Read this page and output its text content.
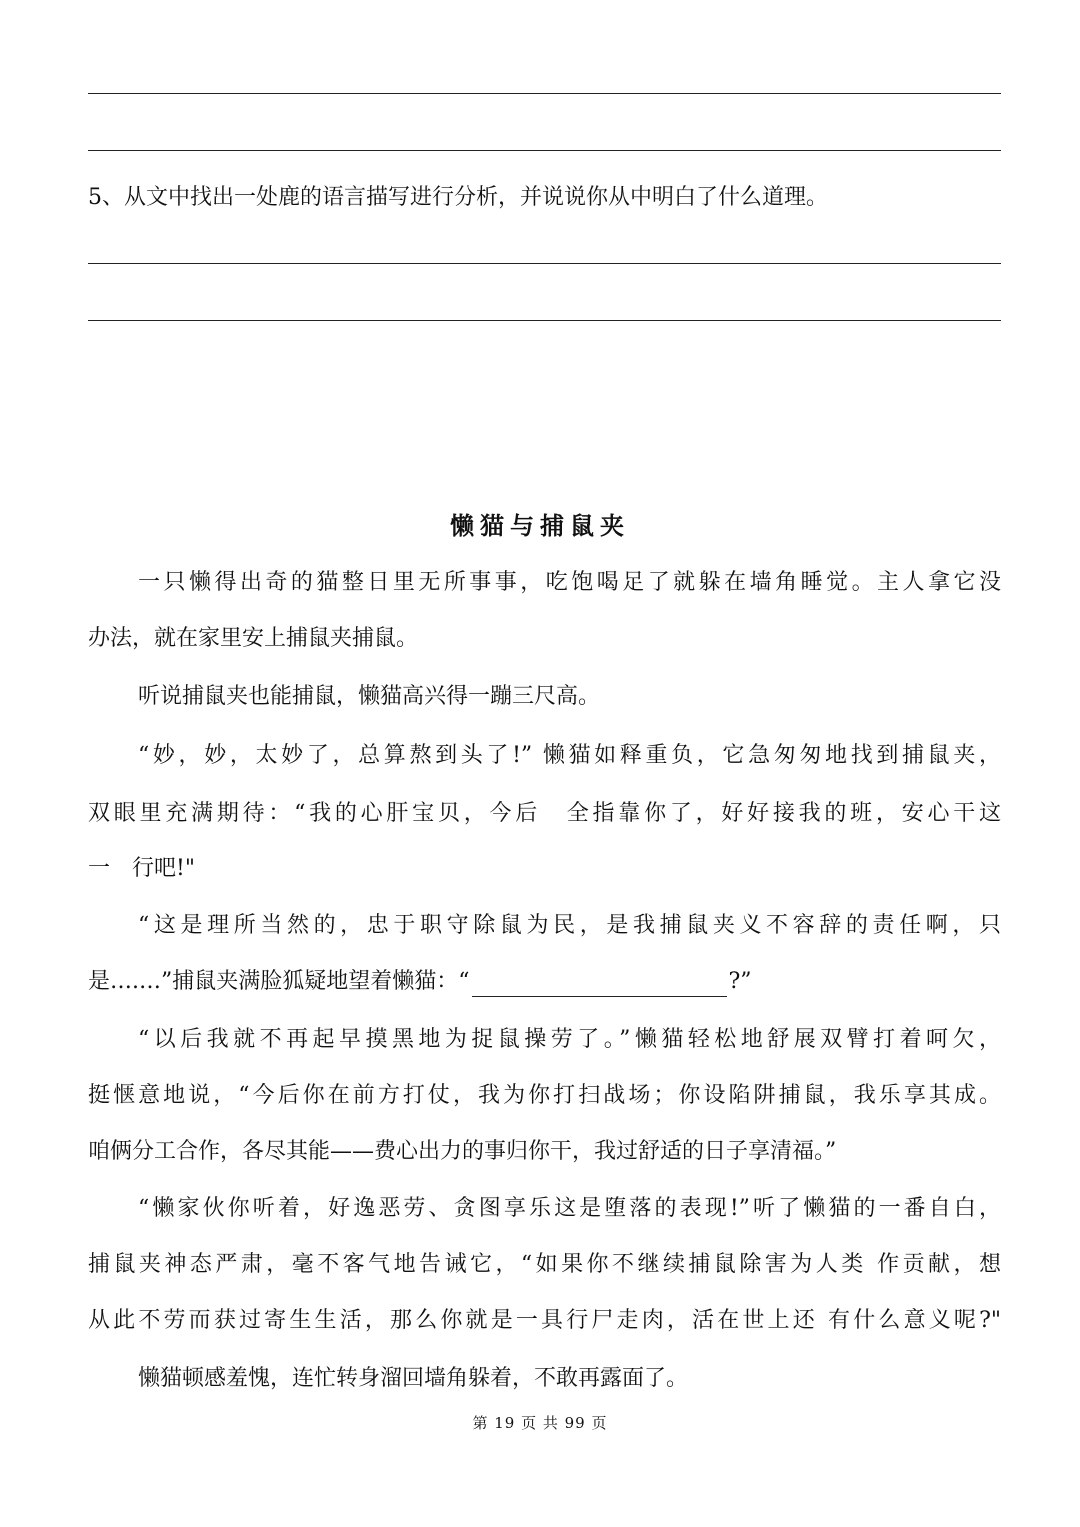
5、从文中找出一处鹿的语言描写进行分析，并说说你从中明白了什么道理。
懒猫与捕鼠夹
一只懒得出奇的猫整日里无所事事，吃饱喝足了就躲在墙角睡觉。主人拿它没
办法，就在家里安上捕鼠夹捕鼠。
听说捕鼠夹也能捕鼠，懒猫高兴得一蹦三尺高。
“妙，妙，太妙了，总算熬到头了!” 懒猫如释重负，它急匆匆地找到捕鼠夹，
双眼里充满期待：“我的心肝宝贝，今后　全指靠你了，好好接我的班，安心干这
一　行吧!"
“这是理所当然的，忠于职守除鼠为民，是我捕鼠夹义不容辞的责任啊，只
是….…”捕鼠夹满脸狐疑地望着懒猫：“	?”
“以后我就不再起早摸黑地为捉鼠操劳了。”懒猫轻松地舒展双臂打着呵欠，
挺惬意地说，“今后你在前方打仗，我为你打扫战场；你设陷阱捕鼠，我乐享其成。
咱俩分工合作，各尽其能——费心出力的事归你干，我过舒适的日子享清福。”
“懒家伙你听着，好逸恶劳、贪图享乐这是堕落的表现!”听了懒猫的一番自白，
捕鼠夹神态严肃，毫不客气地告诫它，“如果你不继续捕鼠除害为人类 作贡献，想
从此不劳而获过寄生生活，那么你就是一具行尸走肉，活在世上还 有什么意义呢?"
懒猫顿感羞愧，连忙转身溜回墙角躲着，不敢再露面了。
第 19 页 共 99 页
